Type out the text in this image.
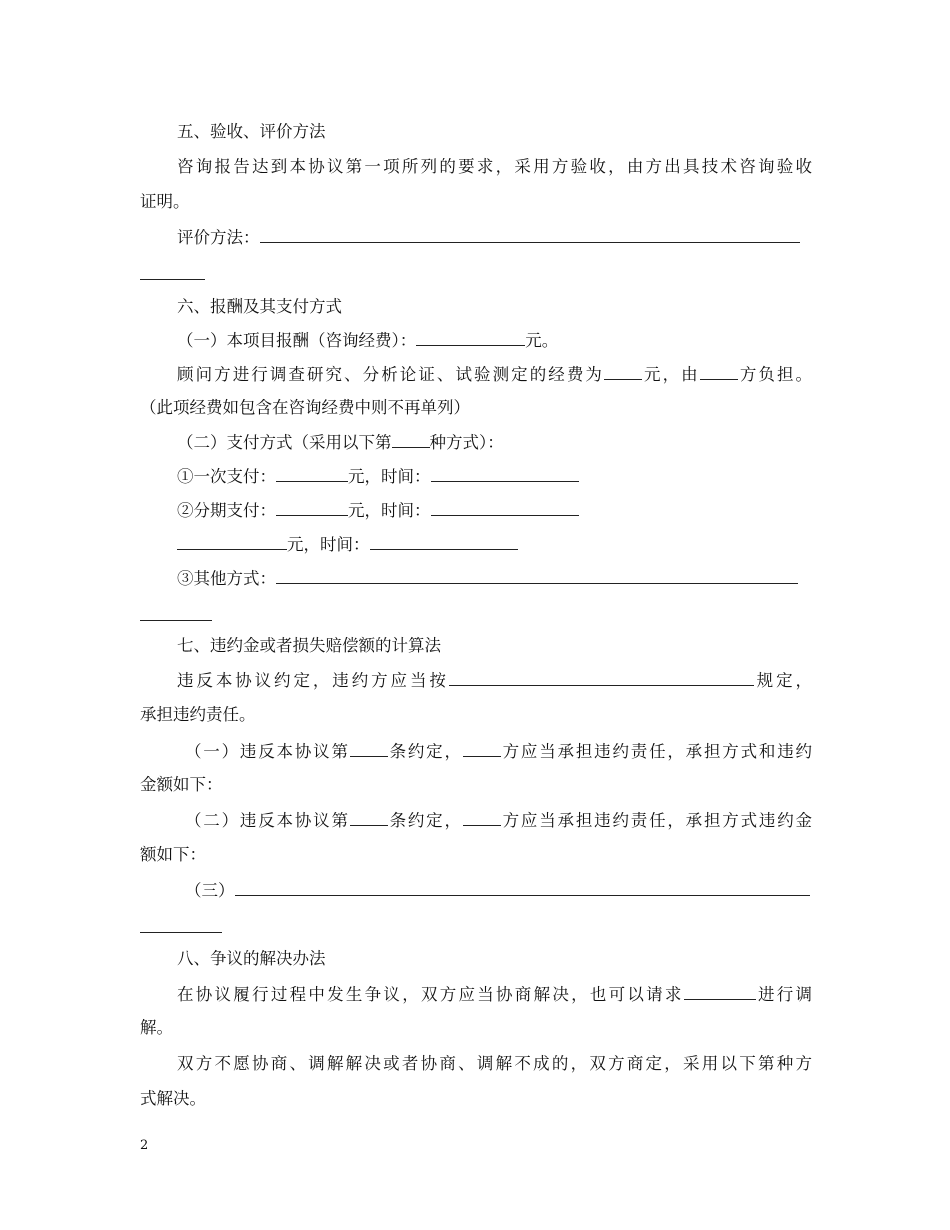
五、验收、评价方法
咨询报告达到本协议第一项所列的要求，采用方验收，由方出具技术咨询验收
证明。
评价方法：
六、报酬及其支付方式
（一）本项目报酬（咨询经费）：	元。
顾问方进行调查研究、分析论证、试验测定的经费为 元，由 方负担。
（此项经费如包含在咨询经费中则不再单列）
（二）支付方式（采用以下第 种方式）：
①一次支付：	元，时间：
②分期支付：	元，时间：
元，时间：
③其他方式：
七、违约金或者损失赔偿额的计算法
违反本协议约定，违约方应当按	规定，
承担违约责任。
（一）违反本协议第 条约定， 方应当承担违约责任，承担方式和违约
金额如下：
（二）违反本协议第 条约定， 方应当承担违约责任，承担方式违约金
额如下：
（三）
八、争议的解决办法
在协议履行过程中发生争议，双方应当协商解决，也可以请求	进行调
解。
双方不愿协商、调解解决或者协商、调解不成的，双方商定，采用以下第种方
式解决。
2
